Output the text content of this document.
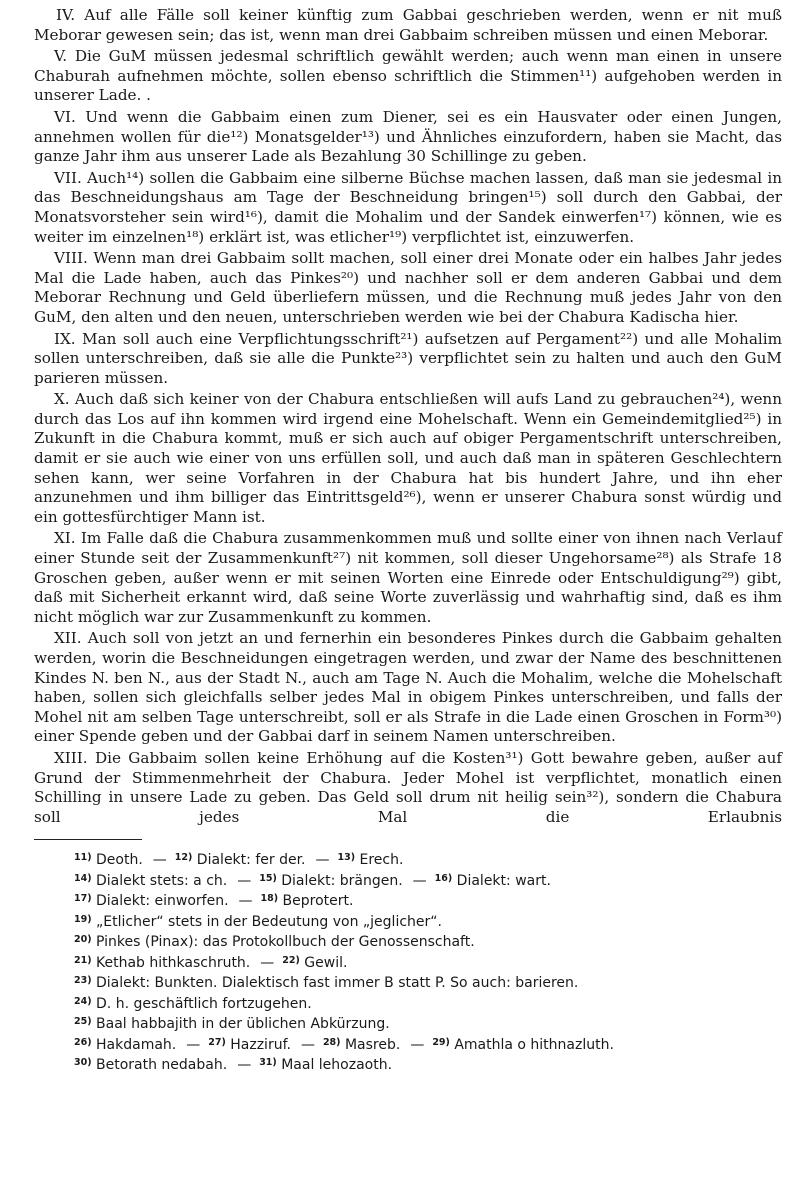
IV. Auf alle Fälle soll keiner künftig zum Gabbai geschrieben werden, wenn er nit muß Meborar gewesen sein; das ist, wenn man drei Gabbaim schreiben müssen und einen Meborar.

V. Die GuM müssen jedesmal schriftlich gewählt werden; auch wenn man einen in unsere Chaburah aufnehmen möchte, sollen ebenso schriftlich die Stimmen¹¹) aufgehoben werden in unserer Lade. .

VI. Und wenn die Gabbaim einen zum Diener, sei es ein Hausvater oder einen Jungen, annehmen wollen für die¹²) Monatsgelder¹³) und Ähnliches einzufordern, haben sie Macht, das ganze Jahr ihm aus unserer Lade als Bezahlung 30 Schillinge zu geben.

VII. Auch¹⁴) sollen die Gabbaim eine silberne Büchse machen lassen, daß man sie jedesmal in das Beschneidungshaus am Tage der Beschneidung bringen¹⁵) soll durch den Gabbai, der Monatsvorsteher sein wird¹⁶), damit die Mohalim und der Sandek einwerfen¹⁷) können, wie es weiter im einzelnen¹⁸) erklärt ist, was etlicher¹⁹) verpflichtet ist, einzuwerfen.

VIII. Wenn man drei Gabbaim sollt machen, soll einer drei Monate oder ein halbes Jahr jedes Mal die Lade haben, auch das Pinkes²⁰) und nachher soll er dem anderen Gabbai und dem Meborar Rechnung und Geld überliefern müssen, und die Rechnung muß jedes Jahr von den GuM, den alten und den neuen, unterschrieben werden wie bei der Chabura Kadischa hier.

IX. Man soll auch eine Verpflichtungsschrift²¹) aufsetzen auf Pergament²²) und alle Mohalim sollen unterschreiben, daß sie alle die Punkte²³) verpflichtet sein zu halten und auch den GuM parieren müssen.

X. Auch daß sich keiner von der Chabura entschließen will aufs Land zu gebrauchen²⁴), wenn durch das Los auf ihn kommen wird irgend eine Mohelschaft. Wenn ein Gemeindemitglied²⁵) in Zukunft in die Chabura kommt, muß er sich auch auf obiger Pergamentschrift unterschreiben, damit er sie auch wie einer von uns erfüllen soll, und auch daß man in späteren Geschlechtern sehen kann, wer seine Vorfahren in der Chabura hat bis hundert Jahre, und ihn eher anzunehmen und ihm billiger das Eintrittsgeld²⁶), wenn er unserer Chabura sonst würdig und ein gottesfürchtiger Mann ist.

XI. Im Falle daß die Chabura zusammenkommen muß und sollte einer von ihnen nach Verlauf einer Stunde seit der Zusammenkunft²⁷) nit kommen, soll dieser Ungehorsame²⁸) als Strafe 18 Groschen geben, außer wenn er mit seinen Worten eine Einrede oder Entschuldigung²⁹) gibt, daß mit Sicherheit erkannt wird, daß seine Worte zuverlässig und wahrhaftig sind, daß es ihm nicht möglich war zur Zusammenkunft zu kommen.

XII. Auch soll von jetzt an und fernerhin ein besonderes Pinkes durch die Gabbaim gehalten werden, worin die Beschneidungen eingetragen werden, und zwar der Name des beschnittenen Kindes N. ben N., aus der Stadt N., auch am Tage N. Auch die Mohalim, welche die Mohelschaft haben, sollen sich gleichfalls selber jedes Mal in obigem Pinkes unterschreiben, und falls der Mohel nit am selben Tage unterschreibt, soll er als Strafe in die Lade einen Groschen in Form³⁰) einer Spende geben und der Gabbai darf in seinem Namen unterschreiben.

XIII. Die Gabbaim sollen keine Erhöhung auf die Kosten³¹) Gott bewahre geben, außer auf Grund der Stimmenmehrheit der Chabura. Jeder Mohel ist verpflichtet, monatlich einen Schilling in unsere Lade zu geben. Das Geld soll drum nit heilig sein³²), sondern die Chabura soll jedes Mal die Erlaubnis

$^{11)}$ Deoth. — $^{12)}$ Dialekt: fer der. — $^{13)}$ Erech.
$^{14)}$ Dialekt stets: a ch. — $^{15)}$ Dialekt: brängen. — $^{16)}$ Dialekt: wart.
$^{17)}$ Dialekt: einworfen. — $^{18)}$ Beprotert.
$^{19)}$ „Etlicher“ stets in der Bedeutung von „jeglicher“.
$^{20)}$ Pinkes (Pinax): das Protokollbuch der Genossenschaft.
$^{21)}$ Kethab hithkaschruth. — $^{22)}$ Gewil.
$^{23)}$ Dialekt: Bunkten. Dialektisch fast immer B statt P. So auch: barieren.
$^{24)}$ D. h. geschäftlich fortzugehen.
$^{25)}$ Baal habbajith in der üblichen Abkürzung.
$^{26)}$ Hakdamah. — $^{27)}$ Hazziruf. — $^{28)}$ Masreb. — $^{29)}$ Amathla o hithnazluth.
$^{30)}$ Betorath nedabah. — $^{31)}$ Maal lehozaoth.
